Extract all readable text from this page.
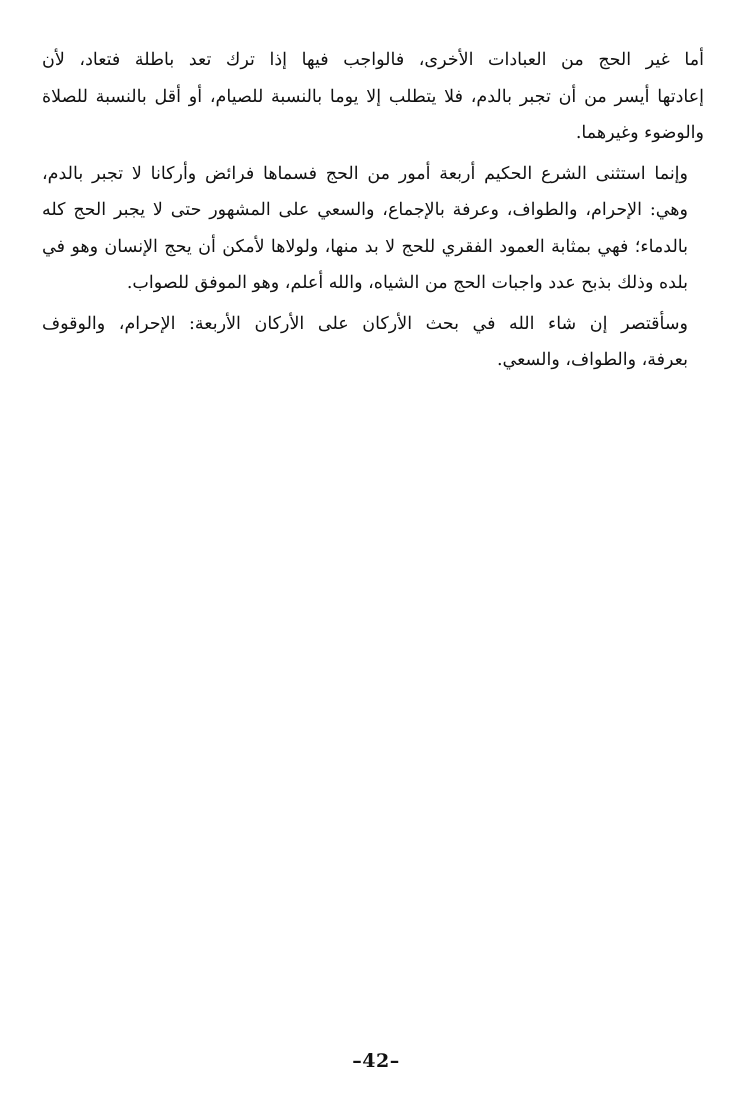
أما غير الحج من العبادات الأخرى، فالواجب فيها إذا ترك تعد باطلة فتعاد، لأن
إعادتها أيسر من أن تجبر بالدم، فلا يتطلب إلا يوما بالنسبة للصيام، أو أقل بالنسبة للصلاة
والوضوء وغيرهما.

وإنما استثنى الشرع الحكيم أربعة أمور من الحج فسماها فرائض وأركانا لا تجبر بالدم،
وهي: الإحرام، والطواف، وعرفة بالإجماع، والسعي على المشهور حتى لا يجبر الحج كله
بالدماء؛ فهي بمثابة العمود الفقري للحج لا بد منها، ولولاها لأمكن أن يحج الإنسان وهو في
بلده وذلك بذبح عدد واجبات الحج من الشياه، والله أعلم، وهو الموفق للصواب.

وسأقتصر إن شاء الله في بحث الأركان على الأركان الأربعة: الإحرام، والوقوف
بعرفة، والطواف، والسعي.

–42–
